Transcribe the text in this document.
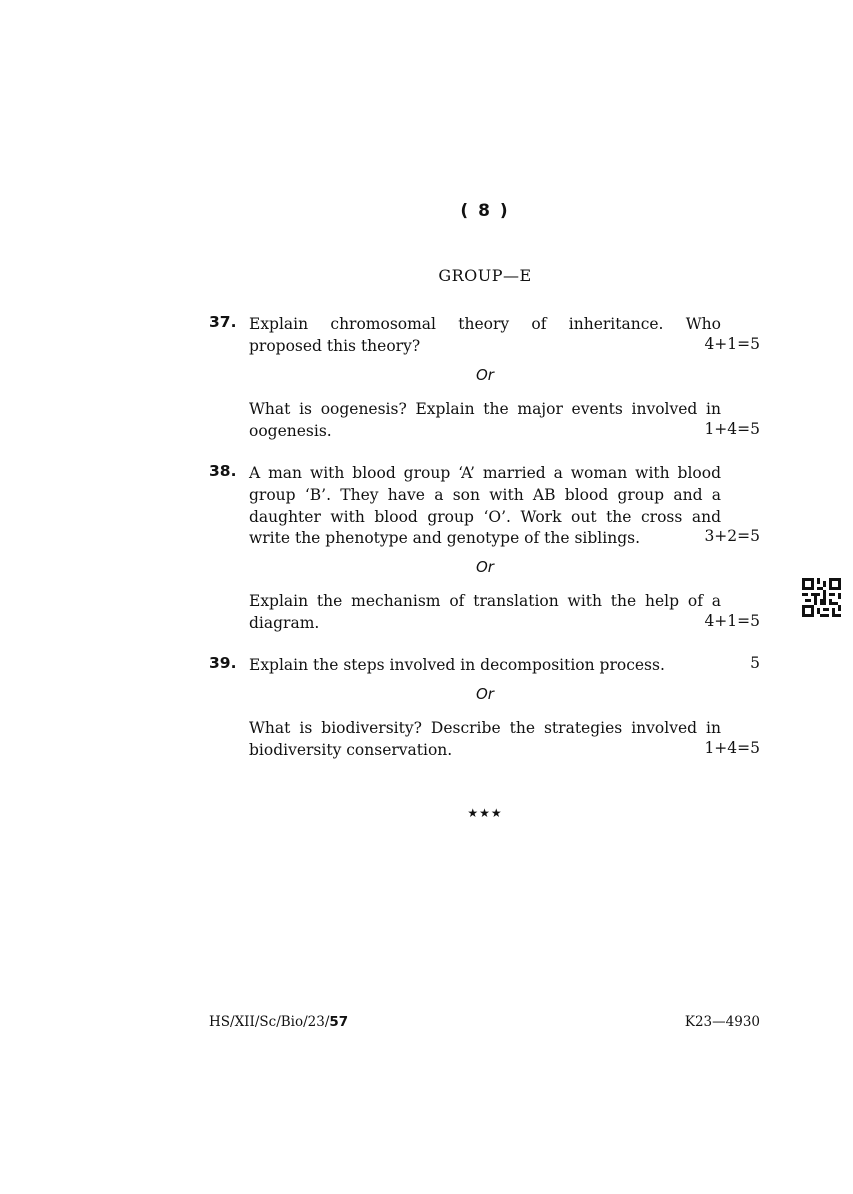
( 8 )
GROUP—E
37. Explain chromosomal theory of inheritance. Who
proposed this theory?	4+1=5
Or
What is oogenesis? Explain the major events involved in
oogenesis.	1+4=5
38. A man with blood group ‘A’ married a woman with blood
group ‘B’. They have a son with AB blood group and a
daughter with blood group ‘O’. Work out the cross and
write the phenotype and genotype of the siblings.	3+2=5
Or
Explain the mechanism of translation with the help of a
diagram.	4+1=5
39. Explain the steps involved in decomposition process.	5
Or
What is biodiversity? Describe the strategies involved in
biodiversity conservation.	1+4=5
★★★
HS/XII/Sc/Bio/23/57	K23—4930
